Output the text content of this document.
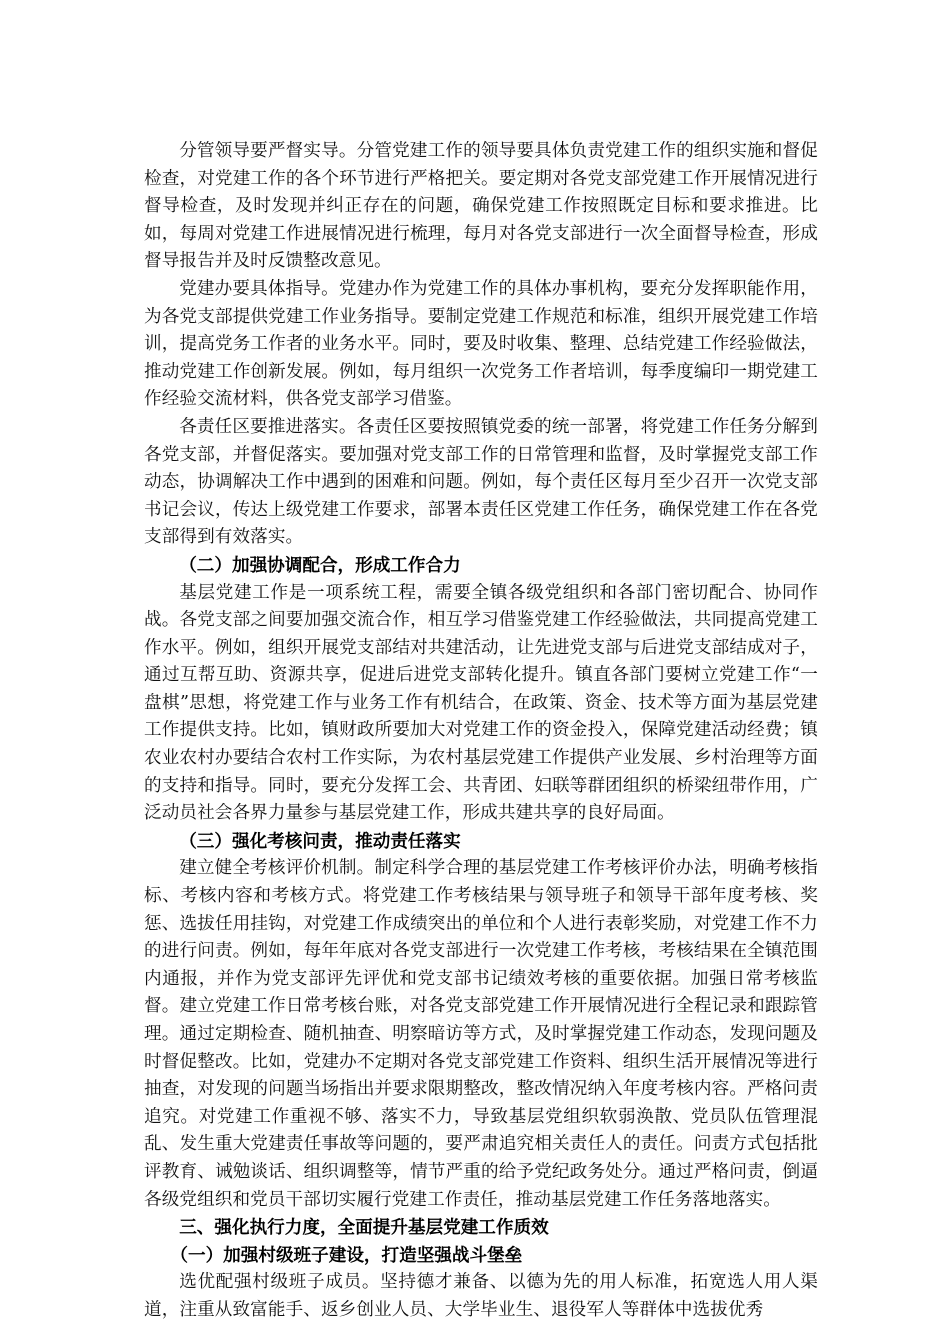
分管领导要严督实导。分管党建工作的领导要具体负责党建工作的组织实施和督促检查，对党建工作的各个环节进行严格把关。要定期对各党支部党建工作开展情况进行督导检查，及时发现并纠正存在的问题，确保党建工作按照既定目标和要求推进。比如，每周对党建工作进展情况进行梳理，每月对各党支部进行一次全面督导检查，形成督导报告并及时反馈整改意见。

党建办要具体指导。党建办作为党建工作的具体办事机构，要充分发挥职能作用，为各党支部提供党建工作业务指导。要制定党建工作规范和标准，组织开展党建工作培训，提高党务工作者的业务水平。同时，要及时收集、整理、总结党建工作经验做法，推动党建工作创新发展。例如，每月组织一次党务工作者培训，每季度编印一期党建工作经验交流材料，供各党支部学习借鉴。

各责任区要推进落实。各责任区要按照镇党委的统一部署，将党建工作任务分解到各党支部，并督促落实。要加强对党支部工作的日常管理和监督，及时掌握党支部工作动态，协调解决工作中遇到的困难和问题。例如，每个责任区每月至少召开一次党支部书记会议，传达上级党建工作要求，部署本责任区党建工作任务，确保党建工作在各党支部得到有效落实。

（二）加强协调配合，形成工作合力

基层党建工作是一项系统工程，需要全镇各级党组织和各部门密切配合、协同作战。各党支部之间要加强交流合作，相互学习借鉴党建工作经验做法，共同提高党建工作水平。例如，组织开展党支部结对共建活动，让先进党支部与后进党支部结成对子，通过互帮互助、资源共享，促进后进党支部转化提升。镇直各部门要树立党建工作“一盘棋”思想，将党建工作与业务工作有机结合，在政策、资金、技术等方面为基层党建工作提供支持。比如，镇财政所要加大对党建工作的资金投入，保障党建活动经费；镇农业农村办要结合农村工作实际，为农村基层党建工作提供产业发展、乡村治理等方面的支持和指导。同时，要充分发挥工会、共青团、妇联等群团组织的桥梁纽带作用，广泛动员社会各界力量参与基层党建工作，形成共建共享的良好局面。

（三）强化考核问责，推动责任落实

建立健全考核评价机制。制定科学合理的基层党建工作考核评价办法，明确考核指标、考核内容和考核方式。将党建工作考核结果与领导班子和领导干部年度考核、奖惩、选拔任用挂钩，对党建工作成绩突出的单位和个人进行表彰奖励，对党建工作不力的进行问责。例如，每年年底对各党支部进行一次党建工作考核，考核结果在全镇范围内通报，并作为党支部评先评优和党支部书记绩效考核的重要依据。加强日常考核监督。建立党建工作日常考核台账，对各党支部党建工作开展情况进行全程记录和跟踪管理。通过定期检查、随机抽查、明察暗访等方式，及时掌握党建工作动态，发现问题及时督促整改。比如，党建办不定期对各党支部党建工作资料、组织生活开展情况等进行抽查，对发现的问题当场指出并要求限期整改，整改情况纳入年度考核内容。严格问责追究。对党建工作重视不够、落实不力，导致基层党组织软弱涣散、党员队伍管理混乱、发生重大党建责任事故等问题的，要严肃追究相关责任人的责任。问责方式包括批评教育、诫勉谈话、组织调整等，情节严重的给予党纪政务处分。通过严格问责，倒逼各级党组织和党员干部切实履行党建工作责任，推动基层党建工作任务落地落实。

三、强化执行力度，全面提升基层党建工作质效

（一）加强村级班子建设，打造坚强战斗堡垒

选优配强村级班子成员。坚持德才兼备、以德为先的用人标准，拓宽选人用人渠道，注重从致富能手、返乡创业人员、大学毕业生、退役军人等群体中选拔优秀
